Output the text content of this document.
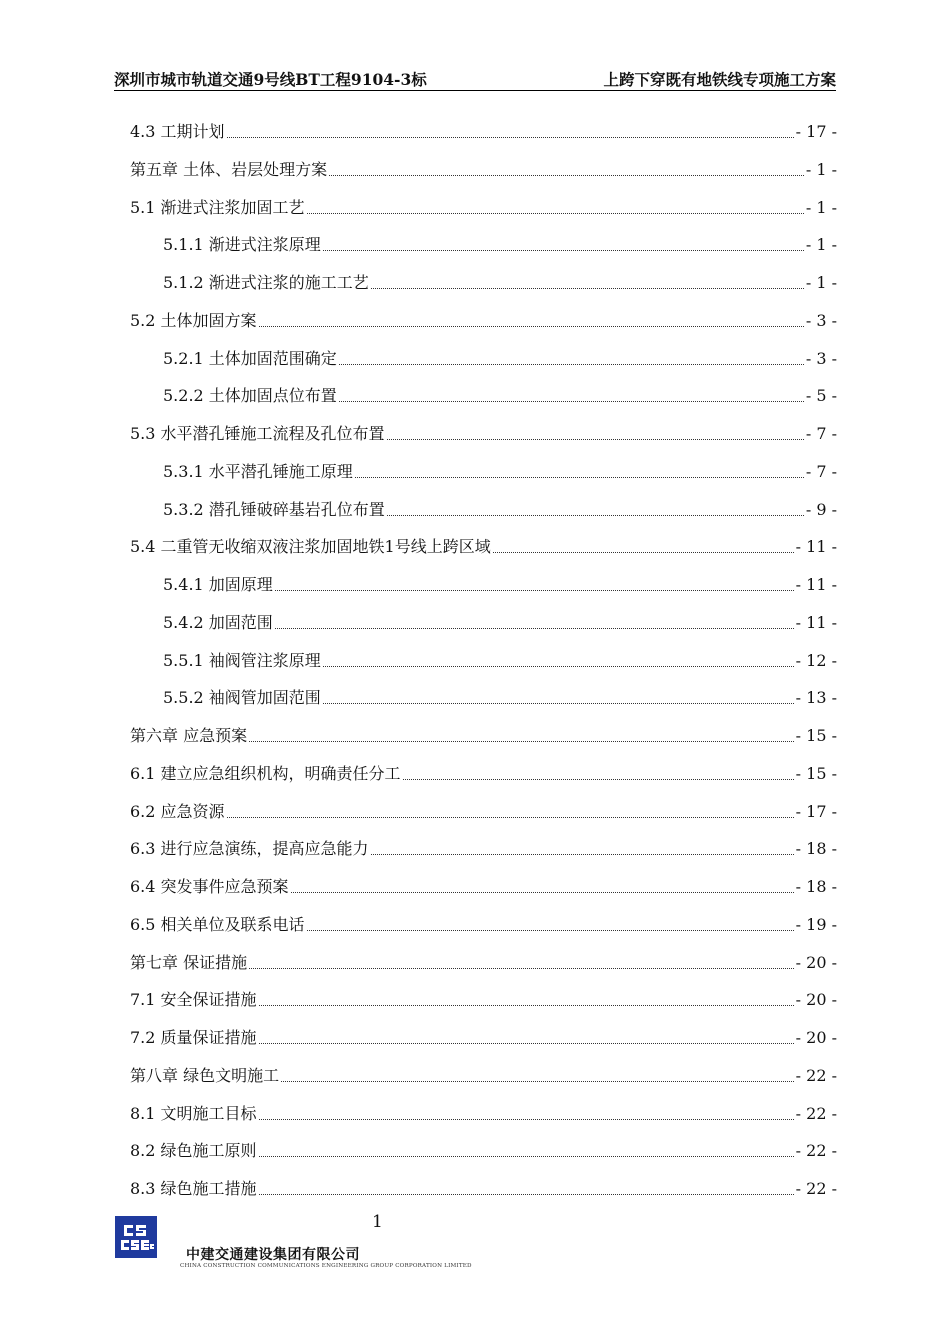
深圳市城市轨道交通9号线BT工程9104-3标	上跨下穿既有地铁线专项施工方案
4.3 工期计划	- 17 -
第五章 土体、岩层处理方案	- 1 -
5.1 渐进式注浆加固工艺	- 1 -
5.1.1 渐进式注浆原理	- 1 -
5.1.2 渐进式注浆的施工工艺	- 1 -
5.2 土体加固方案	- 3 -
5.2.1 土体加固范围确定	- 3 -
5.2.2 土体加固点位布置	- 5 -
5.3 水平潜孔锤施工流程及孔位布置	- 7 -
5.3.1 水平潜孔锤施工原理	- 7 -
5.3.2 潜孔锤破碎基岩孔位布置	- 9 -
5.4 二重管无收缩双液注浆加固地铁1号线上跨区域	- 11 -
5.4.1 加固原理	- 11 -
5.4.2 加固范围	- 11 -
5.5.1 袖阀管注浆原理	- 12 -
5.5.2 袖阀管加固范围	- 13 -
第六章 应急预案	- 15 -
6.1 建立应急组织机构，明确责任分工	- 15 -
6.2 应急资源	- 17 -
6.3 进行应急演练，提高应急能力	- 18 -
6.4 突发事件应急预案	- 18 -
6.5 相关单位及联系电话	- 19 -
第七章 保证措施	- 20 -
7.1 安全保证措施	- 20 -
7.2 质量保证措施	- 20 -
第八章 绿色文明施工	- 22 -
8.1 文明施工目标	- 22 -
8.2 绿色施工原则	- 22 -
8.3 绿色施工措施	- 22 -
1
中建交通建设集团有限公司
CHINA CONSTRUCTION COMMUNICATIONS ENGINEERING GROUP CORPORATION LIMITED
